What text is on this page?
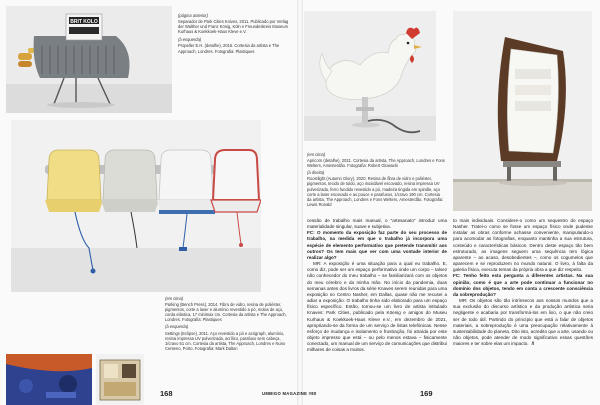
BRIT KOLO

(página anterior)

Separador de Park Cities Knives, 2011. Publicado por Verlag der Walther und Franz König, Köln e Freundeskreis Museum Kurhaus & Koekkoek-Haus Kleve e.V.

(à esquerda)

Propeller E.H. (detalhe), 2016. Cortesia da artista e The Approach, Londres. Fotografia: Plastiques

(em cima)

Parking (Bench Press), 2014. Fibra de vidro, resina de poliéster, pigmentos, corte a laser e alumínio revestido a pó, molas de aço, corda elástica, 17 minimax cm. Cortesia da artista e The Approach, Londres. Fotografia: Plastiques

(à esquerda)

Settings (Eclipse), 2011. Aço revestido a pó e acrigraph, alumínio, resina impressa UV pulverizada, acrílico, parafuso sem cabeça, 1/cravo 51 cm. Cortesia da artista, The Approach, Londres e Nuno Centeno, Porto. Fotografia: Mark Dalton

168

(em cima)

Apricorn (detalhe), 2021. Cortesia da artista, The Approach, Londres e Fons Welters, Amesterdão. Fotografia: Robert Glowacki

(à direita)

Roostlight (Autumn Glory), 2020. Resina de fibra de vidro e poliéster, pigmentos, tecido de toldo, aço inoxidável escovado, resina impressa UV pulverizada, ferro fundido revestido a pó, madeira tingida em spindle, aço corte a laser escovado e ao pouce e parafusos, 1/cravo 190 cm. Cortesia da artista, The Approach, Londres e Fons Welters, Amesterdão. Fotografia: Lewis Ronald

cessão de trabalho mais manual, o “artesanato” introduz uma materialidade singular, suave e subjetiva.

FC: O momento da exposição faz parte do seu processo de trabalho, na medida em que o trabalho já incorpora uma espécie de elemento performativo que pretende transmitir aos outros? Os tem mais que ver com uma vontade interior de realizar algo?

MR: A exposição é uma situação para a qual eu trabalho. E, como diz, pode ser um espaço performativo onde um corpo – talvez não conhecedor do meu trabalho – se familiarizará com os objetos do meu cérebro e da minha mão. No início da pandemia, duas semanas antes dos livros da série Knaves serem reunidas para uma exposição no Centro Nasher, em Dallas, quase não me recusei a adiar a exposição. O trabalho tinha sido elaborado para um espaço físico específico. Então, tornou-se um livro de artista intitulado Knaves: Park Cities, publicado pela Köenig e amigos do Museu Kurhaus & Koekkoek-Haus Kleve e.V., em dezembro de 2021, apropriando-se da forma de um serviço de listas telefónicas. Nesse esforço de mudança e isolamento e frustração, foi atraída por este objeto impresso que está – ou pelo menos estava – fisicamente conectado, um manual de um serviço de comunicações que distribui milhares de coisas a muitos.

to mais individuais. Considere-o como um sequestro do espaço Nasher. Tratei-o como se fosse um espaço físico onde pudesse instalar as obras conforme achasse conveniente, manipulando-o para acomodar as fotografias, enquanto mantinha a sua estrutura, conteúdo e características básicos. Dentro deste espaço tão bem estruturado, as imagens seguem uma sequência tem lógica aparente – ao acaso, desobedientes –, como os cogumelos que aparecem e se reproduzem no mundo natural. O livro, à falta da galeria física, executa temas da própria obra a que diz respeito.

FC: Tenho feito esta pergunta a diferentes artistas. Na sua opinião, como é que a arte pode continuar a funcionar no domínio dos objetos, tendo em conta a crescente consciência da sobreprodução?

MR: Os objetos são tão intrínsecos aos nossos mundos que a sua exclusão do discurso artístico e da produção artística seria negligente e acabaria por transformá-los em lixo, o que não creio ser de todo útil. Partindo do princípio que está a falar de objetos materiais, a sobreprodução é uma preocupação relativamente à sustentabilidade do planeta. Dito isto, acredito que a arte, usando ou não objetos, pode atender de modo significativo essas questões maiores e ter sobre elas um impacto. //

UMBIGO MAGAZINE #80	169
